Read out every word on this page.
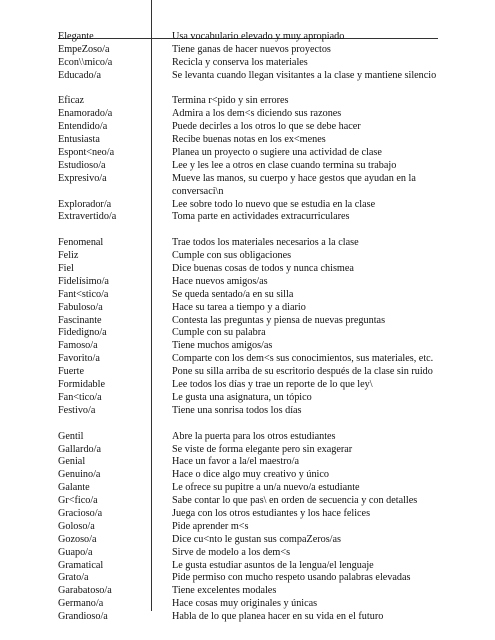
Elegante	Usa vocabulario elevado y muy apropiado
EmpeZoso/a	Tiene ganas de hacer nuevos proyectos
Econ\\mico/a	Recicla y conserva los materiales
Educado/a	Se levanta cuando llegan visitantes a la clase y mantiene silencio
Eficaz	Termina r<pido y sin errores
Enamorado/a	Admira a los dem<s diciendo sus razones
Entendido/a	Puede decirles a los otros lo que se debe hacer
Entusiasta	Recibe buenas notas en los ex<menes
Espont<neo/a	Planea un proyecto o sugiere una actividad de clase
Estudioso/a	Lee y les lee a otros en clase cuando termina su trabajo
Expresivo/a	Mueve las manos, su cuerpo y hace gestos que ayudan en la
conversaci\n
Explorador/a	Lee sobre todo lo nuevo que se estudia en la clase
Extravertido/a	Toma parte en actividades extracurriculares
Fenomenal	Trae todos los materiales necesarios a la clase
Feliz	Cumple con sus obligaciones
Fiel	Dice buenas cosas de todos y nunca chismea
Fidelísimo/a	Hace nuevos amigos/as
Fant<stico/a	Se queda sentado/a en su silla
Fabuloso/a	Hace su tarea a tiempo y a diario
Fascinante	Contesta las preguntas y piensa de nuevas preguntas
Fidedigno/a	Cumple con su palabra
Famoso/a	Tiene muchos amigos/as
Favorito/a	Comparte con los dem<s sus conocimientos, sus materiales, etc.
Fuerte	Pone su silla arriba de su escritorio después de la clase sin ruido
Formidable	Lee todos los días y trae un reporte de lo que ley\
Fan<tico/a	Le gusta una asignatura, un tópico
Festivo/a	Tiene una sonrisa todos los días
Gentil	Abre la puerta para los otros estudiantes
Gallardo/a	Se viste de forma elegante pero sin exagerar
Genial	Hace un favor a la/el maestro/a
Genuino/a	Hace o dice algo muy creativo y único
Galante	Le ofrece su pupitre a un/a nuevo/a estudiante
Gr<fico/a	Sabe contar lo que pas\ en orden de secuencia y con detalles
Gracioso/a	Juega con los otros estudiantes y los hace felices
Goloso/a	Pide aprender m<s
Gozoso/a	Dice cu<nto le gustan sus compaZeros/as
Guapo/a	Sirve de modelo a los dem<s
Gramatical	Le gusta estudiar asuntos de la lengua/el lenguaje
Grato/a	Pide permiso con mucho respeto usando palabras elevadas
Garabatoso/a	Tiene excelentes modales
Germano/a	Hace cosas muy originales y únicas
Grandioso/a	Habla de lo que planea hacer en su vida en el futuro
